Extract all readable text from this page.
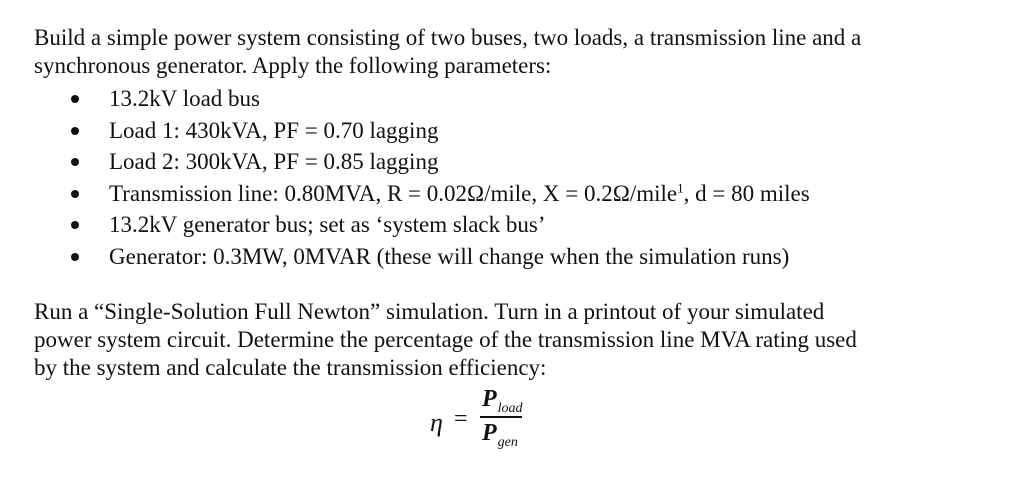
Build a simple power system consisting of two buses, two loads, a transmission line and a
synchronous generator. Apply the following parameters:

13.2kV load bus
Load 1: 430kVA, PF = 0.70 lagging
Load 2: 300kVA, PF = 0.85 lagging
Transmission line: 0.80MVA, R = 0.02Ω/mile, X = 0.2Ω/mile$^1$, d = 80 miles
13.2kV generator bus; set as ‘system slack bus’
Generator: 0.3MW, 0MVAR (these will change when the simulation runs)

Run a “Single-Solution Full Newton” simulation. Turn in a printout of your simulated
power system circuit. Determine the percentage of the transmission line MVA rating used
by the system and calculate the transmission efficiency:

η =
$P_{load}$
$P_{gen}$
